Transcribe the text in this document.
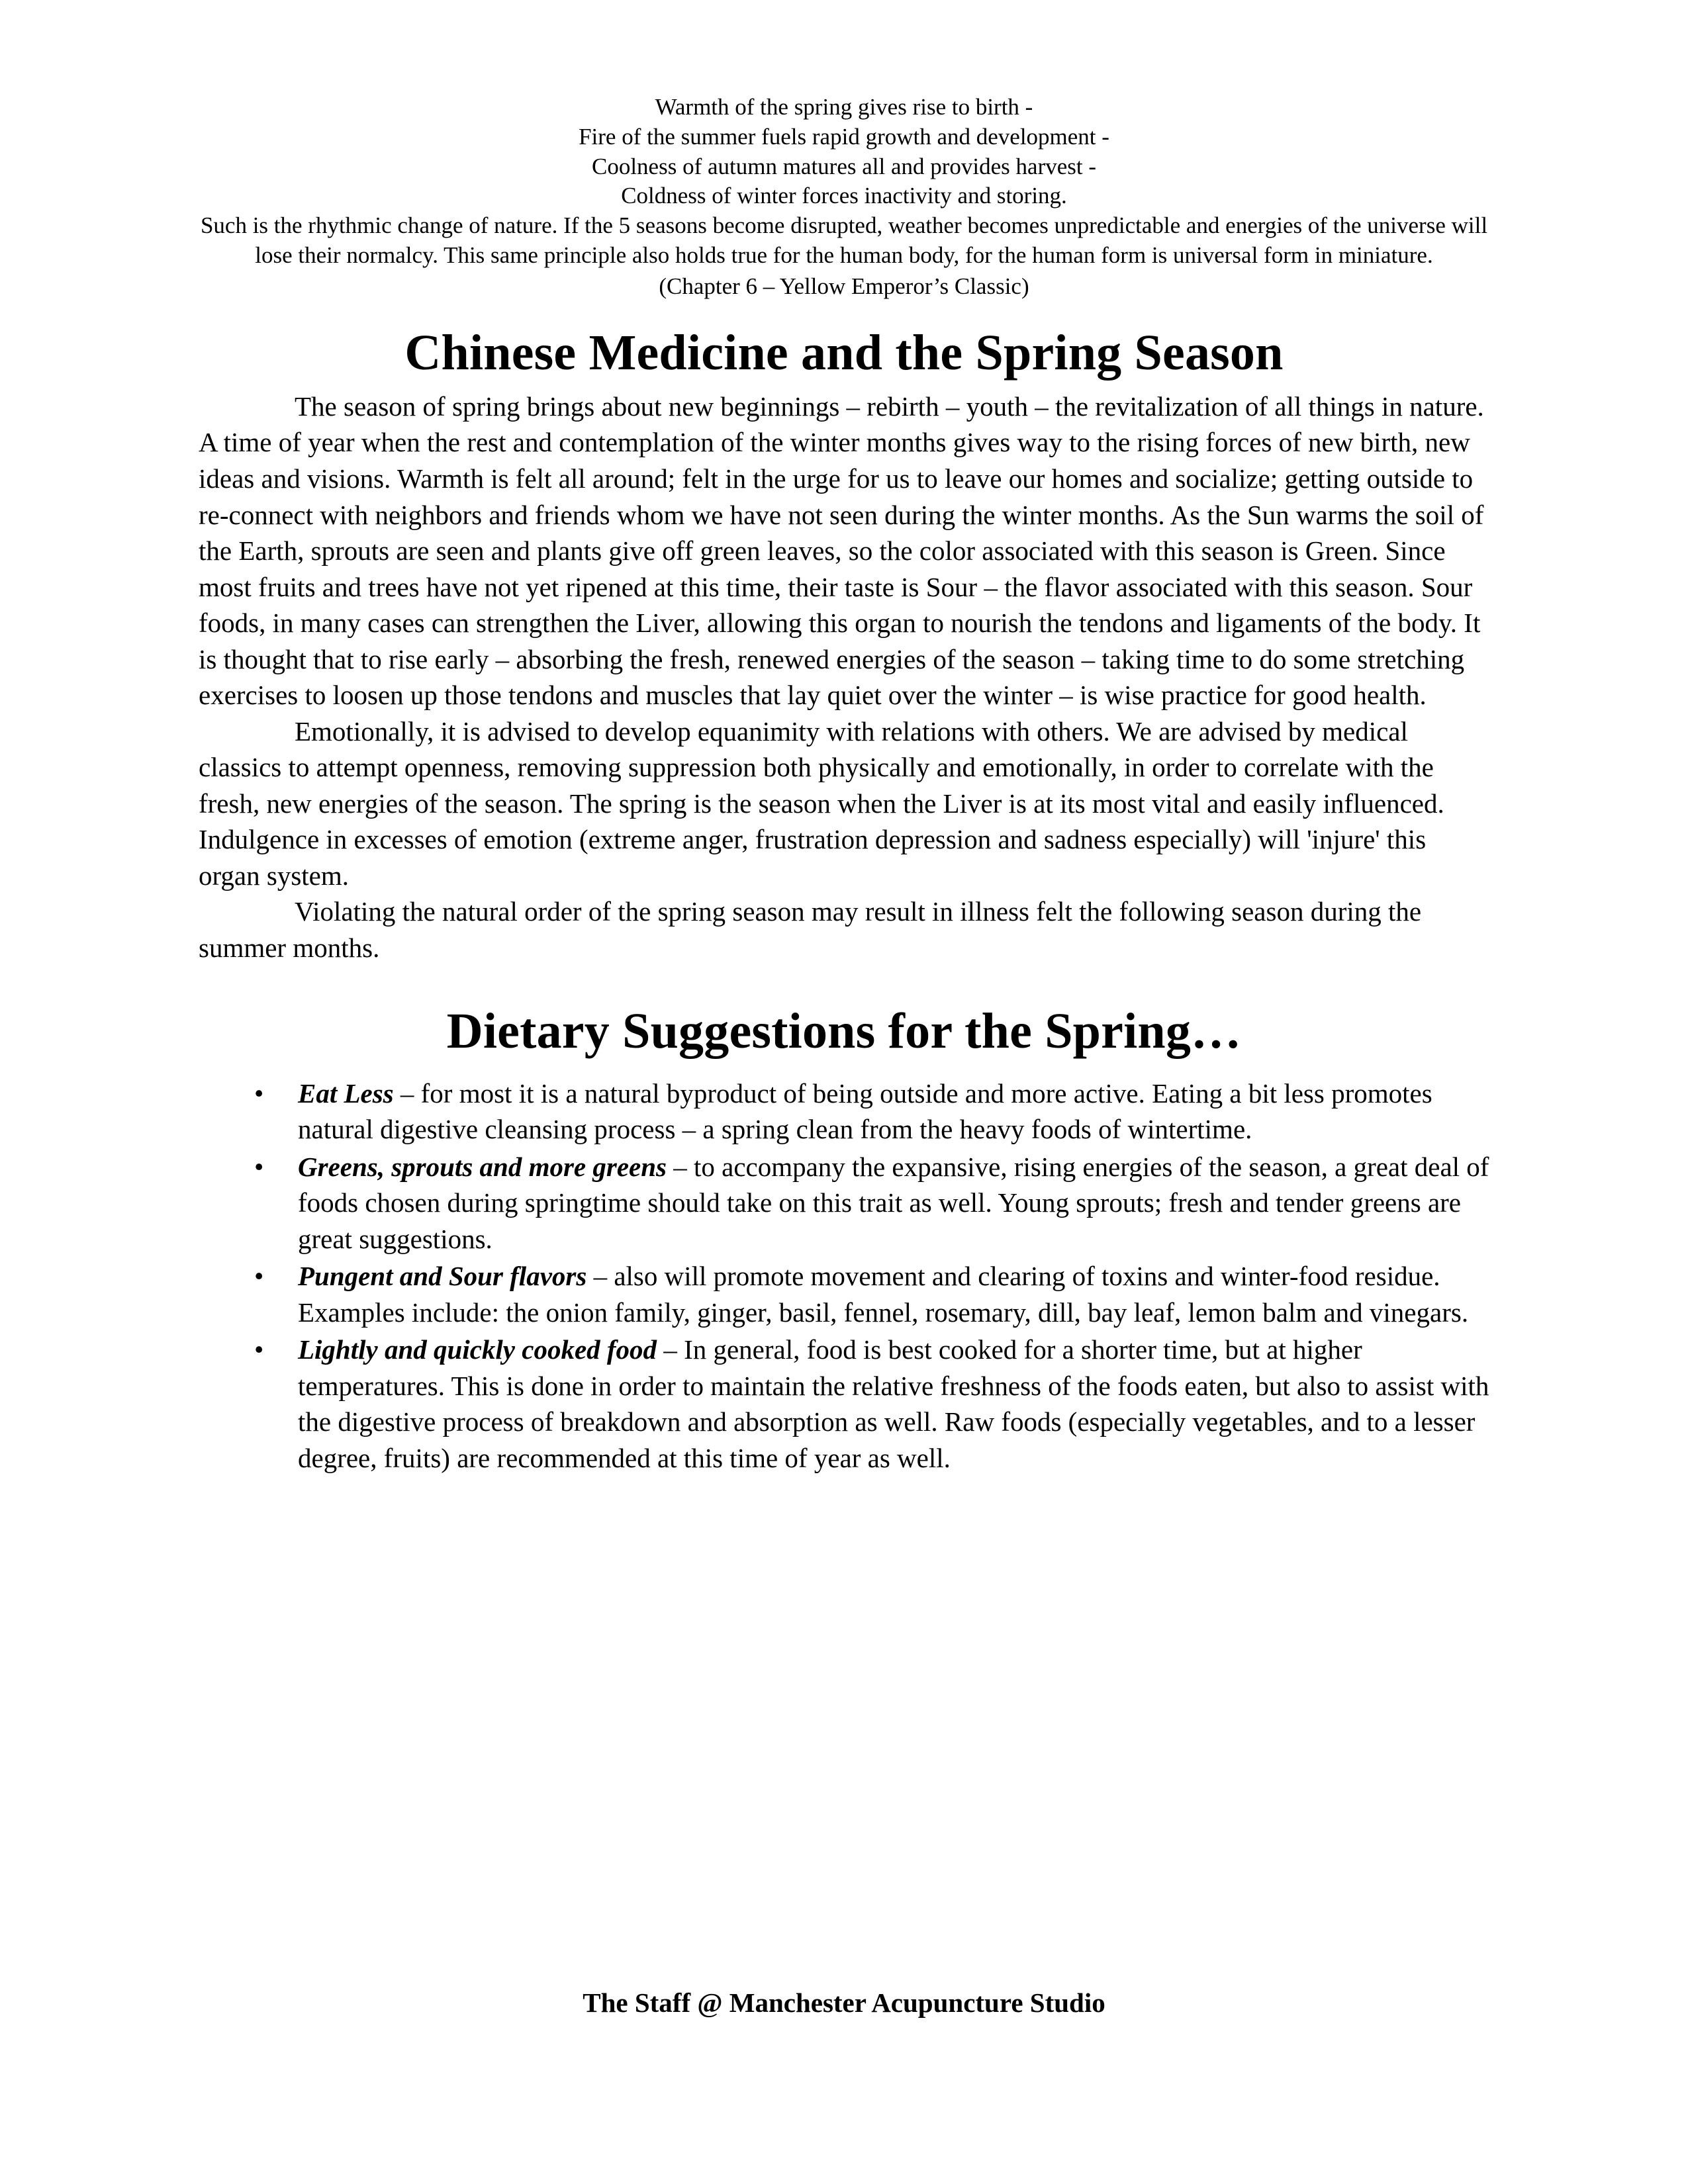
Warmth of the spring gives rise to birth -
Fire of the summer fuels rapid growth and development -
Coolness of autumn matures all and provides harvest -
Coldness of winter forces inactivity and storing.
Such is the rhythmic change of nature. If the 5 seasons become disrupted, weather becomes unpredictable and energies of the universe will lose their normalcy. This same principle also holds true for the human body, for the human form is universal form in miniature.
(Chapter 6 – Yellow Emperor’s Classic)
Chinese Medicine and the Spring Season

The season of spring brings about new beginnings – rebirth – youth – the revitalization of all things in nature. A time of year when the rest and contemplation of the winter months gives way to the rising forces of new birth, new ideas and visions. Warmth is felt all around; felt in the urge for us to leave our homes and socialize; getting outside to re-connect with neighbors and friends whom we have not seen during the winter months. As the Sun warms the soil of the Earth, sprouts are seen and plants give off green leaves, so the color associated with this season is Green. Since most fruits and trees have not yet ripened at this time, their taste is Sour – the flavor associated with this season. Sour foods, in many cases can strengthen the Liver, allowing this organ to nourish the tendons and ligaments of the body. It is thought that to rise early – absorbing the fresh, renewed energies of the season – taking time to do some stretching exercises to loosen up those tendons and muscles that lay quiet over the winter – is wise practice for good health.

Emotionally, it is advised to develop equanimity with relations with others. We are advised by medical classics to attempt openness, removing suppression both physically and emotionally, in order to correlate with the fresh, new energies of the season. The spring is the season when the Liver is at its most vital and easily influenced. Indulgence in excesses of emotion (extreme anger, frustration depression and sadness especially) will 'injure' this organ system.

Violating the natural order of the spring season may result in illness felt the following season during the summer months.

Dietary Suggestions for the Spring…
• Eat Less – for most it is a natural byproduct of being outside and more active. Eating a bit less promotes natural digestive cleansing process – a spring clean from the heavy foods of wintertime.
• Greens, sprouts and more greens – to accompany the expansive, rising energies of the season, a great deal of foods chosen during springtime should take on this trait as well. Young sprouts; fresh and tender greens are great suggestions.
• Pungent and Sour flavors – also will promote movement and clearing of toxins and winter-food residue. Examples include: the onion family, ginger, basil, fennel, rosemary, dill, bay leaf, lemon balm and vinegars.
• Lightly and quickly cooked food – In general, food is best cooked for a shorter time, but at higher temperatures. This is done in order to maintain the relative freshness of the foods eaten, but also to assist with the digestive process of breakdown and absorption as well. Raw foods (especially vegetables, and to a lesser degree, fruits) are recommended at this time of year as well.
The Staff @ Manchester Acupuncture Studio
